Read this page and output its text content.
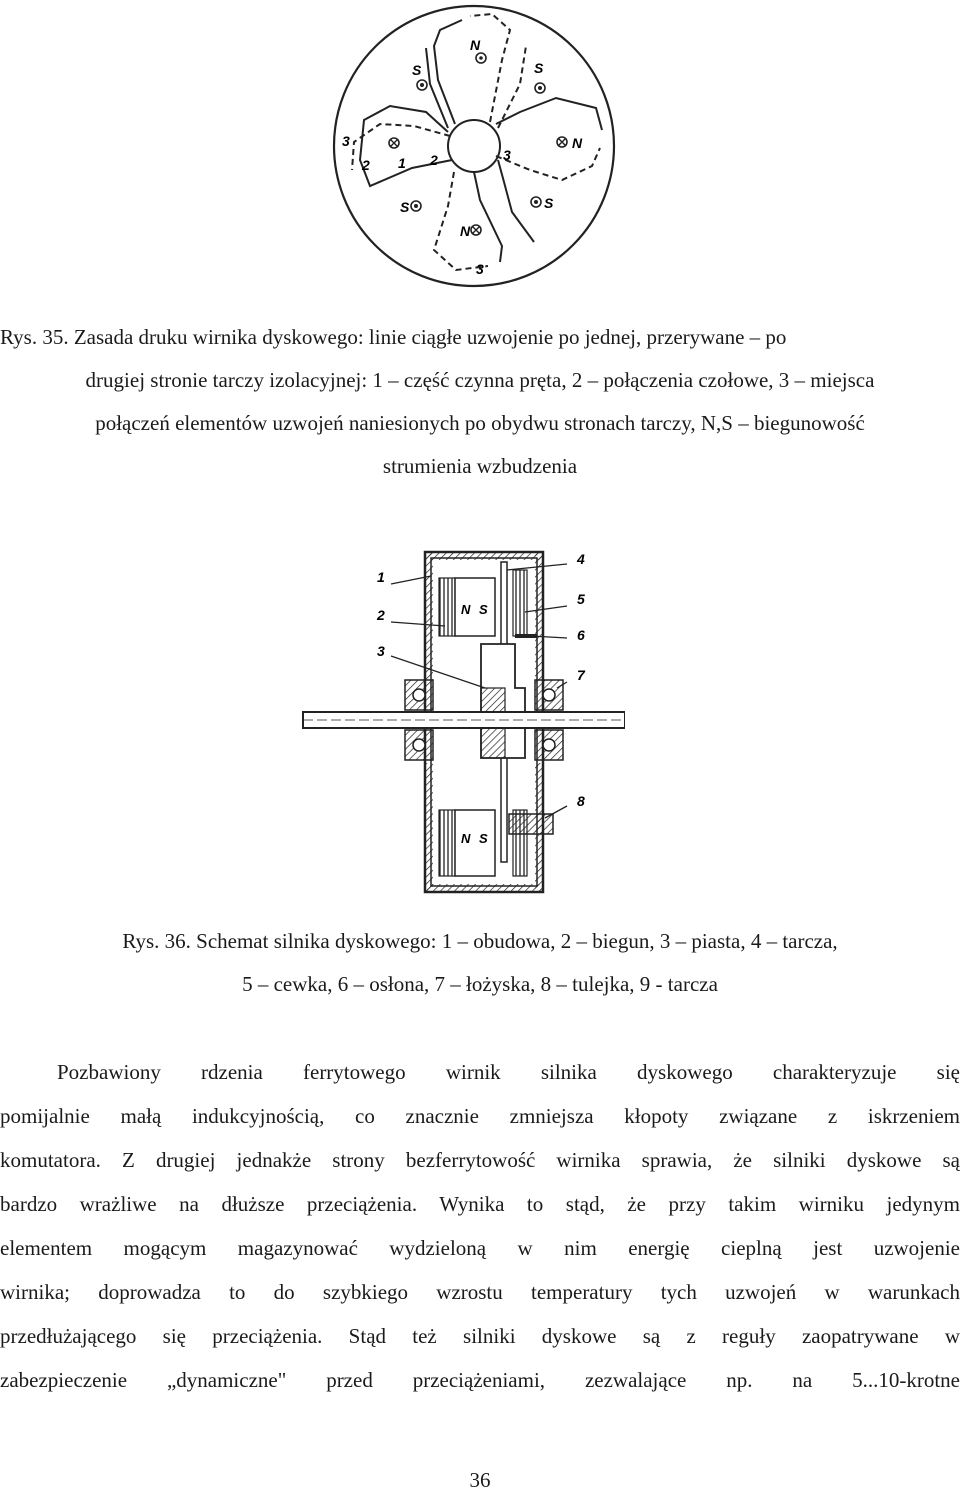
N
S	S
N
S	S
N
1
2
3
2	3
3
Rys. 35. Zasada druku wirnika dyskowego: linie ciągłe uzwojenie po jednej, przerywane – po
drugiej stronie tarczy izolacyjnej: 1 – część czynna pręta, 2 – połączenia czołowe, 3 – miejsca
połączeń elementów uzwojeń naniesionych po obydwu stronach tarczy, N,S – biegunowość
strumienia wzbudzenia
N S
N S
1
2
3
4
5
6
7
8
Rys. 36. Schemat silnika dyskowego: 1 – obudowa, 2 – biegun, 3 – piasta, 4 – tarcza,
5 – cewka, 6 – osłona, 7 – łożyska, 8 – tulejka, 9 - tarcza
Pozbawiony rdzenia ferrytowego wirnik silnika dyskowego charakteryzuje się
pomijalnie małą indukcyjnością, co znacznie zmniejsza kłopoty związane z iskrzeniem
komutatora. Z drugiej jednakże strony bezferrytowość wirnika sprawia, że silniki dyskowe są
bardzo wrażliwe na dłuższe przeciążenia. Wynika to stąd, że przy takim wirniku jedynym
elementem mogącym magazynować wydzieloną w nim energię cieplną jest uzwojenie
wirnika; doprowadza to do szybkiego wzrostu temperatury tych uzwojeń w warunkach
przedłużającego się przeciążenia. Stąd też silniki dyskowe są z reguły zaopatrywane w
zabezpieczenie „dynamiczne" przed przeciążeniami, zezwalające np. na 5...10-krotne
36
